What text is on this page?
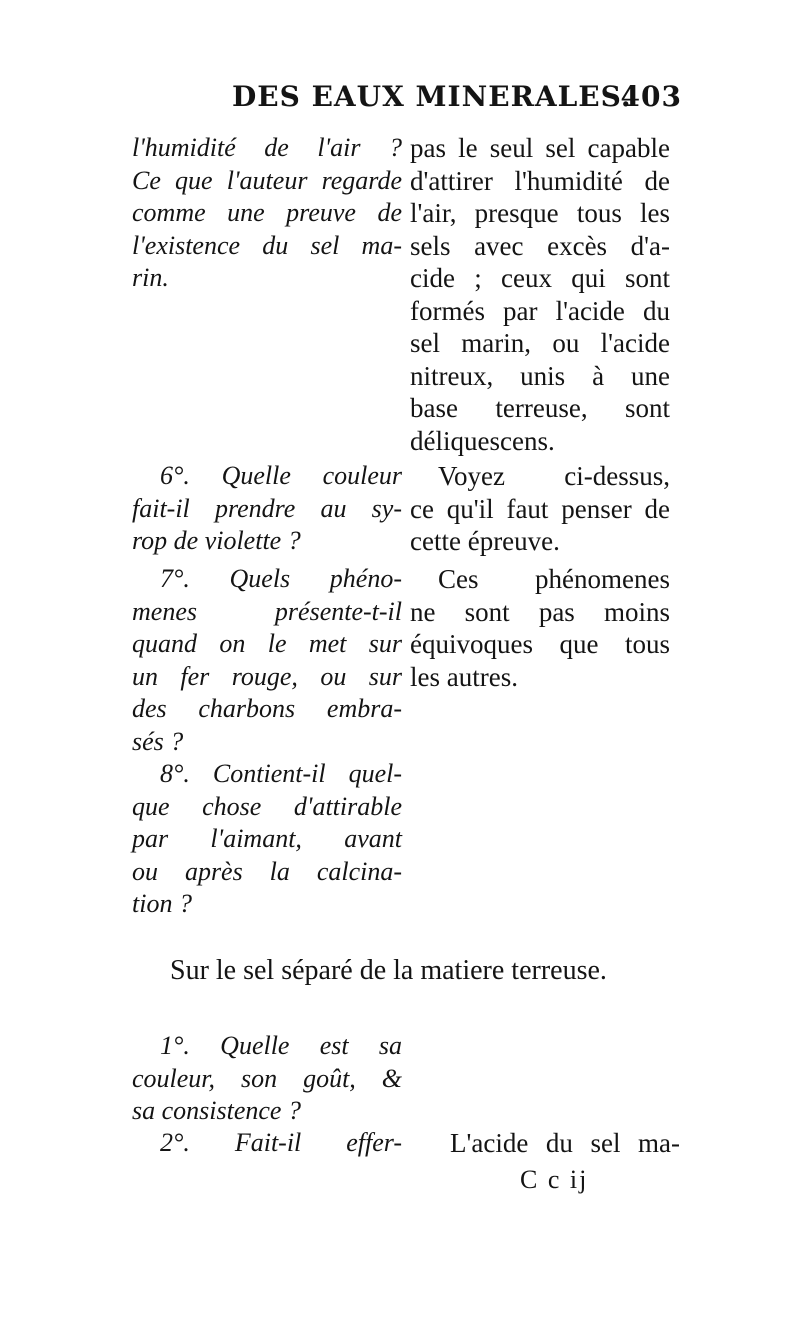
DES EAUX MINERALES.
403
l'humidité de l'air ?
Ce que l'auteur regarde
comme une preuve de
l'existence du sel ma-
rin.
pas le seul sel capable
d'attirer l'humidité de
l'air, presque tous les
sels avec excès d'a-
cide ; ceux qui sont
formés par l'acide du
sel marin, ou l'acide
nitreux, unis à une
base terreuse, sont
déliquescens.
6°. Quelle couleur
fait-il prendre au sy-
rop de violette ?
Voyez ci-dessus,
ce qu'il faut penser de
cette épreuve.
7°. Quels phéno-
menes présente-t-il
quand on le met sur
un fer rouge, ou sur
des charbons embra-
sés ?
Ces phénomenes
ne sont pas moins
équivoques que tous
les autres.
8°. Contient-il quel-
que chose d'attirable
par l'aimant, avant
ou après la calcina-
tion ?
Sur le sel séparé de la matiere terreuse.
1°. Quelle est sa
couleur, son goût, &
sa consistence ?
2°. Fait-il effer- L'acide du sel ma-
C c ij
